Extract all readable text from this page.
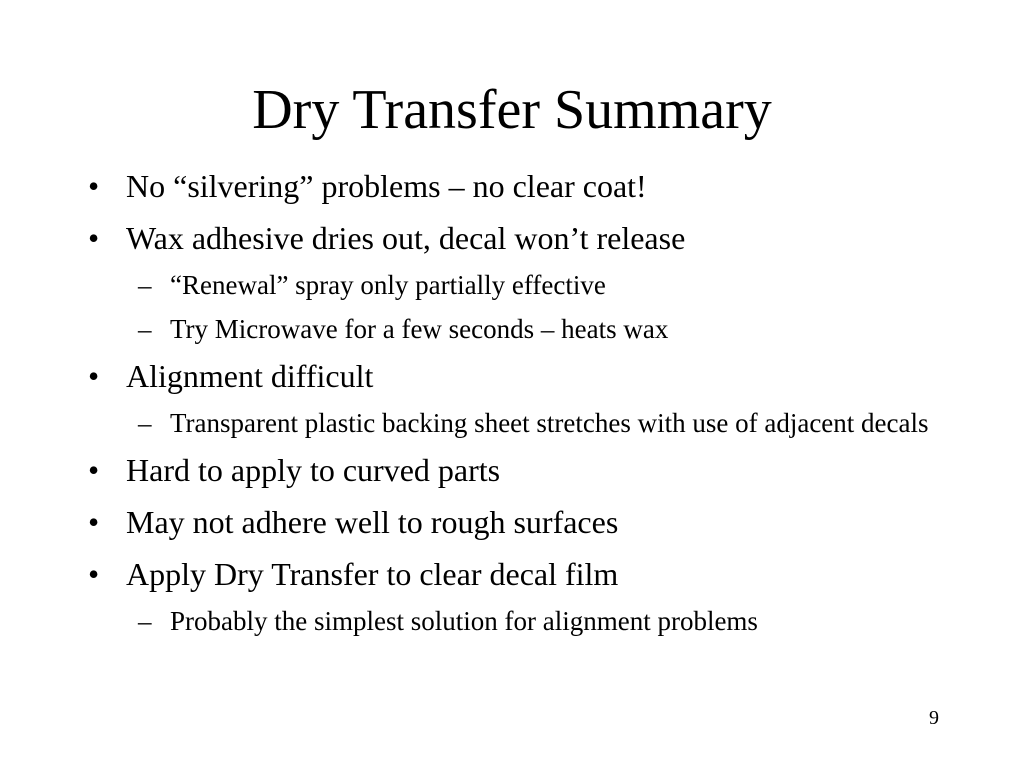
Dry Transfer Summary
• No “silvering” problems – no clear coat!
• Wax adhesive dries out, decal won’t release
– “Renewal” spray only partially effective
– Try Microwave for a few seconds – heats wax
• Alignment difficult
– Transparent plastic backing sheet stretches with use of adjacent decals
• Hard to apply to curved parts
• May not adhere well to rough surfaces
• Apply Dry Transfer to clear decal film
– Probably the simplest solution for alignment problems
9
